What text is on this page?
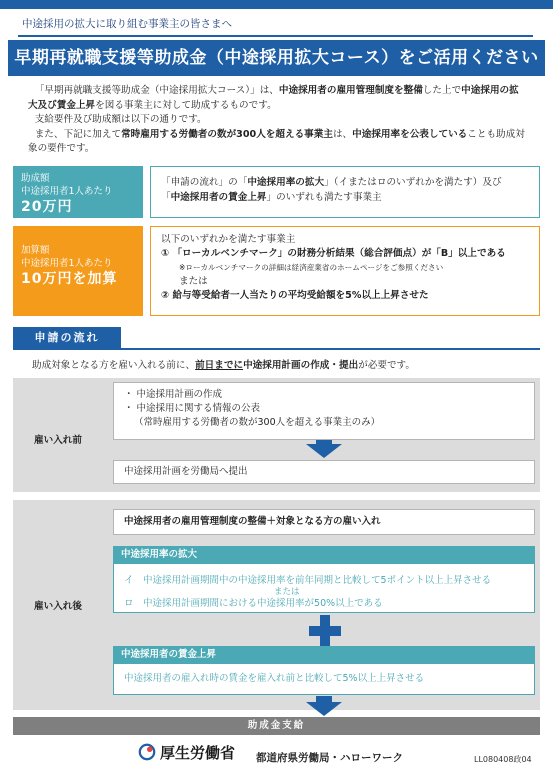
中途採用の拡大に取り組む事業主の皆さまへ
早期再就職支援等助成金（中途採用拡大コース）をご活用ください

「早期再就職支援等助成金（中途採用拡大コース）」は、中途採用者の雇用管理制度を整備した上で中途採用の拡大及び賃金上昇を図る事業主に対して助成するものです。

支給要件及び助成額は以下の通りです。

また、下記に加えて常時雇用する労働者の数が300人を超える事業主は、中途採用率を公表していることも助成対象の要件です。

助成額
中途採用者1人あたり
20万円
「申請の流れ」の「中途採用率の拡大」（イまたはロのいずれかを満たす）及び
「中途採用者の賃金上昇」のいずれも満たす事業主
加算額
中途採用者1人あたり
10万円を加算
以下のいずれかを満たす事業主
① 「ローカルベンチマーク」の財務分析結果（総合評価点）が「B」以上である
※ローカルベンチマークの詳細は経済産業省のホームページをご参照ください
または
② 給与等受給者一人当たりの平均受給額を5%以上上昇させた
申請の流れ
助成対象となる方を雇い入れる前に、前日までに中途採用計画の作成・提出が必要です。
雇い入れ前
・ 中途採用計画の作成
・ 中途採用に関する情報の公表
（常時雇用する労働者の数が300人を超える事業主のみ）
中途採用計画を労働局へ提出
雇い入れ後
中途採用者の雇用管理制度の整備＋対象となる方の雇い入れ
中途採用率の拡大
イ　 中途採用計画期間中の中途採用率を前年同期と比較して5ポイント以上上昇させる
または
ロ　 中途採用計画期間における中途採用率が50%以上である
中途採用者の賃金上昇
中途採用者の雇入れ時の賃金を雇入れ前と比較して5%以上上昇させる
助成金支給
厚生労働省 都道府県労働局・ハローワーク	LL080408政04
